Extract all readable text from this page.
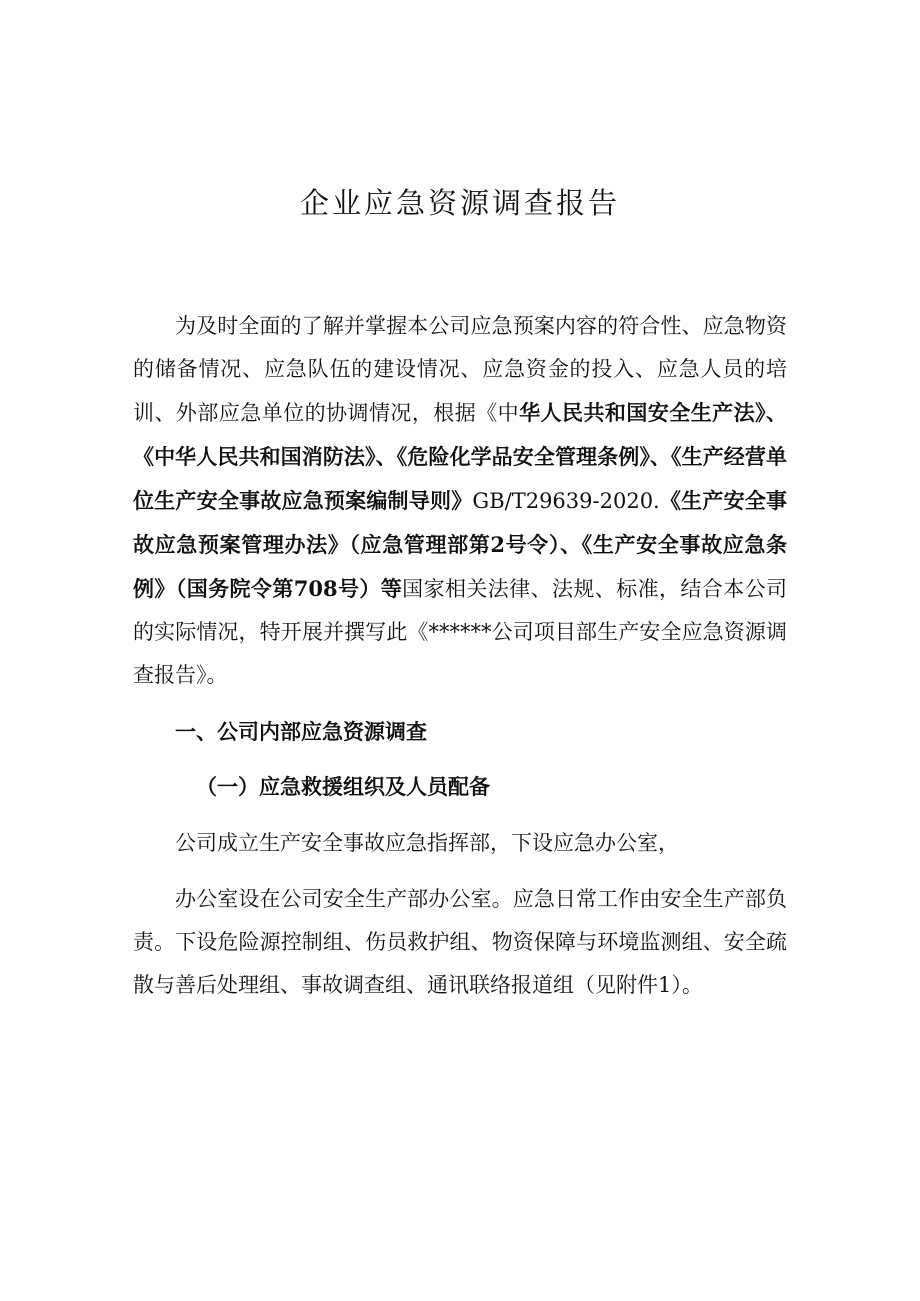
企业应急资源调查报告

为及时全面的了解并掌握本公司应急预案内容的符合性、应急物资的储备情况、应急队伍的建设情况、应急资金的投入、应急人员的培训、外部应急单位的协调情况，根据《中华人民共和国安全生产法》、《中华人民共和国消防法》、《危险化学品安全管理条例》、《生产经营单位生产安全事故应急预案编制导则》GB/T29639-2020.《生产安全事故应急预案管理办法》（应急管理部第2号令）、《生产安全事故应急条例》（国务院令第708号）等国家相关法律、法规、标准，结合本公司的实际情况，特开展并撰写此《******公司项目部生产安全应急资源调查报告》。

一、公司内部应急资源调查
（一）应急救援组织及人员配备

公司成立生产安全事故应急指挥部，下设应急办公室，

办公室设在公司安全生产部办公室。应急日常工作由安全生产部负责。下设危险源控制组、伤员救护组、物资保障与环境监测组、安全疏散与善后处理组、事故调查组、通讯联络报道组（见附件1）。
